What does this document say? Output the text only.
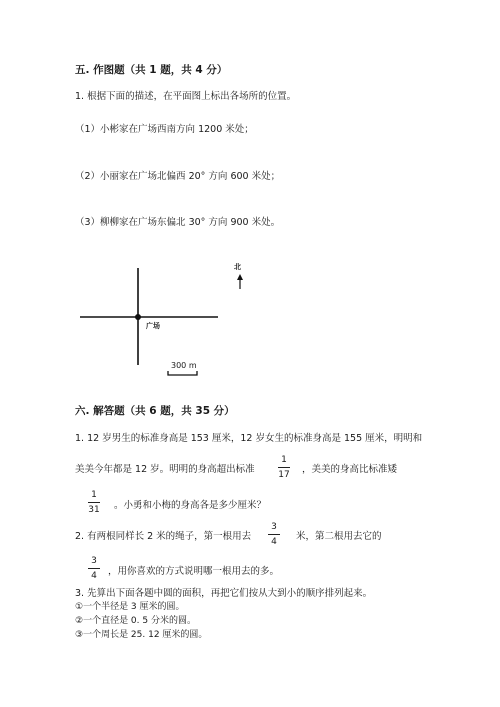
五. 作图题（共 1 题，共 4 分）
1. 根据下面的描述，在平面图上标出各场所的位置。
（1）小彬家在广场西南方向 1200 米处；
（2）小丽家在广场北偏西 20° 方向 600 米处；
（3）柳柳家在广场东偏北 30° 方向 900 米处。
北
广场
300 m
六. 解答题（共 6 题，共 35 分）
1. 12 岁男生的标准身高是 153 厘米，12 岁女生的标准身高是 155 厘米，明明和
美美今年都是 12 岁。明明的身高超出标准
1
17 ，美美的身高比标准矮
1
31 。小勇和小梅的身高各是多少厘米？
2. 有两根同样长 2 米的绳子，第一根用去
3
4	米，第二根用去它的
3
4	，用你喜欢的方式说明哪一根用去的多。
3. 先算出下面各题中圆的面积，再把它们按从大到小的顺序排列起来。
①一个半径是 3 厘米的圆。
②一个直径是 0. 5 分米的圆。
③一个周长是 25. 12 厘米的圆。
